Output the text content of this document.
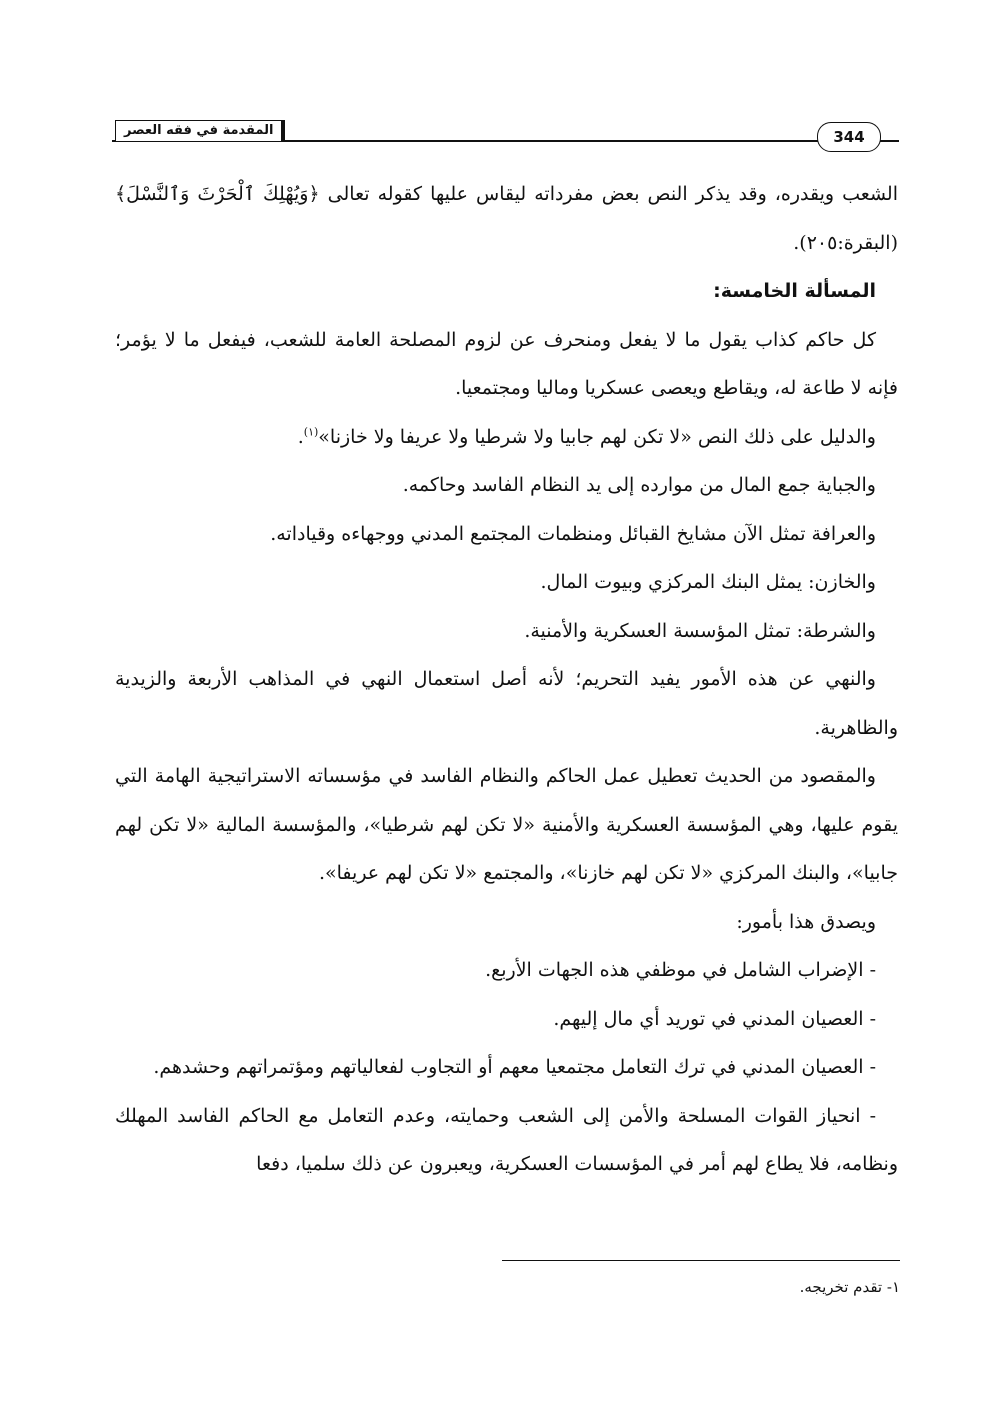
المقدمة في فقه العصر	344

الشعب ويقدره، وقد يذكر النص بعض مفرداته ليقاس عليها كقوله تعالى ﴿وَيُهْلِكَ ٱلْحَرْثَ وَٱلنَّسْلَ﴾ (البقرة:٢٠٥).

المسألة الخامسة:

كل حاكم كذاب يقول ما لا يفعل ومنحرف عن لزوم المصلحة العامة للشعب، فيفعل ما لا يؤمر؛ فإنه لا طاعة له، ويقاطع ويعصى عسكريا وماليا ومجتمعيا.

والدليل على ذلك النص «لا تكن لهم جابيا ولا شرطيا ولا عريفا ولا خازنا»$^{(١)}$.

والجباية جمع المال من موارده إلى يد النظام الفاسد وحاكمه.

والعرافة تمثل الآن مشايخ القبائل ومنظمات المجتمع المدني ووجهاءه وقياداته.

والخازن: يمثل البنك المركزي وبيوت المال.

والشرطة: تمثل المؤسسة العسكرية والأمنية.

والنهي عن هذه الأمور يفيد التحريم؛ لأنه أصل استعمال النهي في المذاهب الأربعة والزيدية والظاهرية.

والمقصود من الحديث تعطيل عمل الحاكم والنظام الفاسد في مؤسساته الاستراتيجية الهامة التي يقوم عليها، وهي المؤسسة العسكرية والأمنية «لا تكن لهم شرطيا»، والمؤسسة المالية «لا تكن لهم جابيا»، والبنك المركزي «لا تكن لهم خازنا»، والمجتمع «لا تكن لهم عريفا».

ويصدق هذا بأمور:

- الإضراب الشامل في موظفي هذه الجهات الأربع.

- العصيان المدني في توريد أي مال إليهم.

- العصيان المدني في ترك التعامل مجتمعيا معهم أو التجاوب لفعالياتهم ومؤتمراتهم وحشدهم.

- انحياز القوات المسلحة والأمن إلى الشعب وحمايته، وعدم التعامل مع الحاكم الفاسد المهلك ونظامه، فلا يطاع لهم أمر في المؤسسات العسكرية، ويعبرون عن ذلك سلميا، دفعا

١- تقدم تخريجه.
